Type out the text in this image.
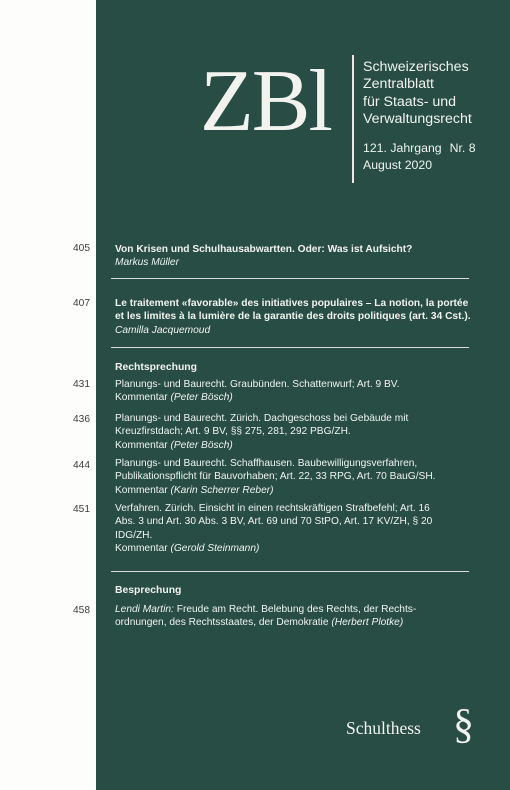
ZBl Schweizerisches
Zentralblatt
für Staats- und
Verwaltungsrecht
121. Jahrgang Nr. 8
August 2020
405 Von Krisen und Schulhausabwartten. Oder: Was ist Aufsicht?
Markus Müller
407 Le traitement «favorable» des initiatives populaires – La notion, la portée
et les limites à la lumière de la garantie des droits politiques (art. 34 Cst.).
Camilla Jacquemoud
Rechtsprechung
431 Planungs- und Baurecht. Graubünden. Schattenwurf; Art. 9 BV.
Kommentar (Peter Bösch)
436 Planungs- und Baurecht. Zürich. Dachgeschoss bei Gebäude mit
Kreuzfirstdach; Art. 9 BV, §§ 275, 281, 292 PBG/ZH.
Kommentar (Peter Bösch)
444 Planungs- und Baurecht. Schaffhausen. Baubewilligungsverfahren,
Publikationspflicht für Bauvorhaben; Art. 22, 33 RPG, Art. 70 BauG/SH.
Kommentar (Karin Scherrer Reber)
451 Verfahren. Zürich. Einsicht in einen rechtskräftigen Strafbefehl; Art. 16
Abs. 3 und Art. 30 Abs. 3 BV, Art. 69 und 70 StPO, Art. 17 KV/ZH, § 20
IDG/ZH.
Kommentar (Gerold Steinmann)
Besprechung
458 Lendi Martin: Freude am Recht. Belebung des Rechts, der Rechts-
ordnungen, des Rechtsstaates, der Demokratie (Herbert Plotke)
Schulthess §
